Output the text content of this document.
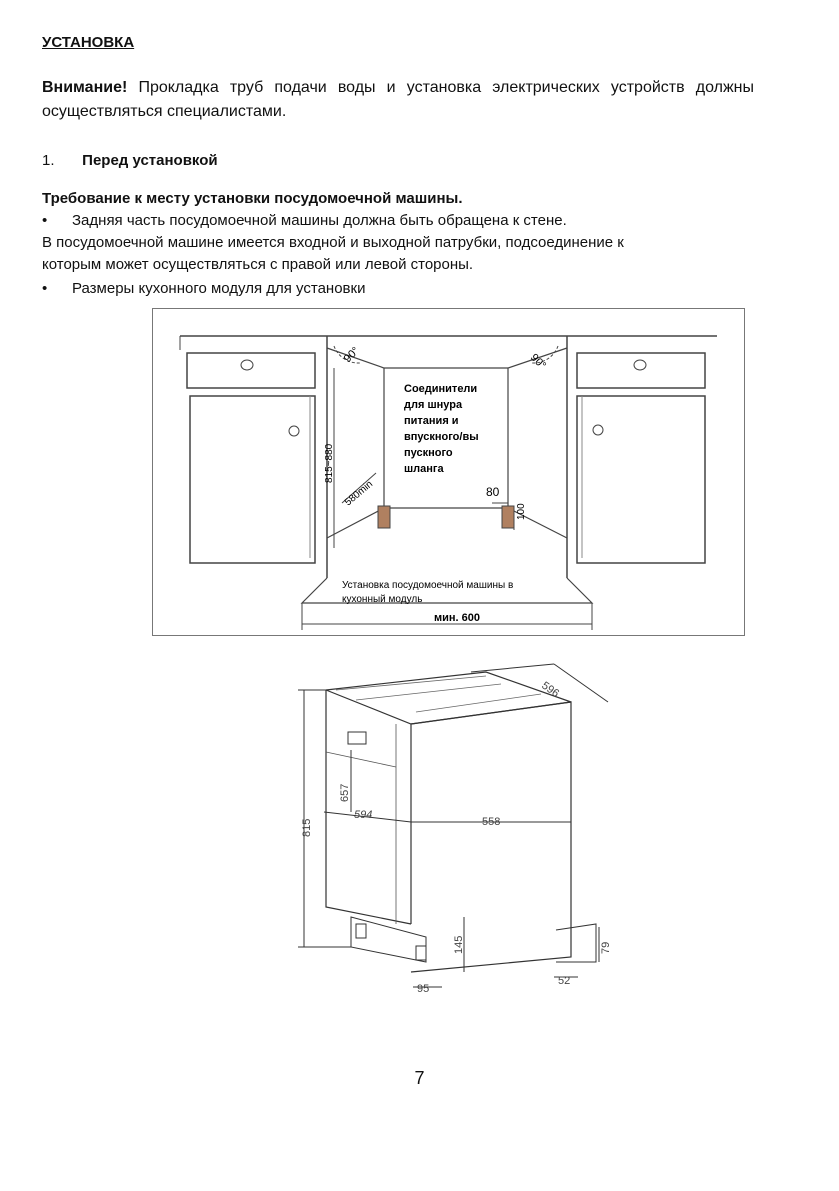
УСТАНОВКА
Внимание! Прокладка труб подачи воды и установка электрических устройств должны осуществляться специалистами.
1. Перед установкой
Требование к месту установки посудомоечной машины.
• Задняя часть посудомоечной машины должна быть обращена к стене.
В посудомоечной машине имеется входной и выходной патрубки, подсоединение к
которым может осуществляться с правой или левой стороны.
• Размеры кухонного модуля для установки
90°	90°
815~880
580min
Соединители
для шнура
питания и
впускного/вы
пускного
шланга
80
100
Установка посудомоечной машины в
кухонный модуль
мин. 600
596
657
815
594
558
145
95
79
52
7
